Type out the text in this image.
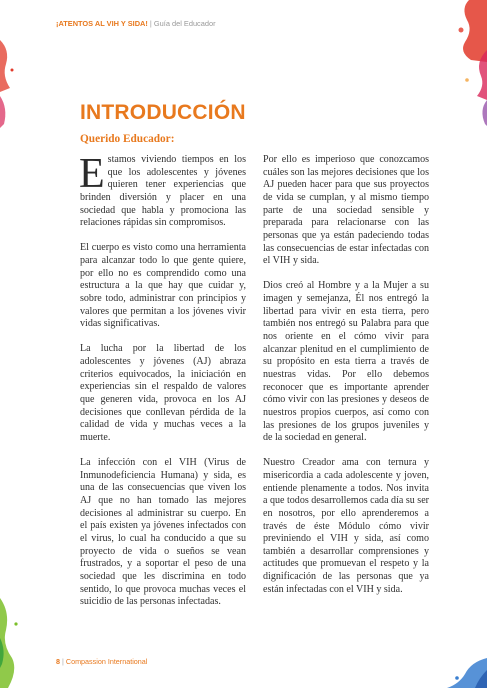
¡ATENTOS AL VIH Y SIDA! | Guía del Educador
INTRODUCCIÓN
Querido Educador:

Estamos viviendo tiempos en los que los adolescentes y jóvenes quieren tener experiencias que brinden diversión y placer en una sociedad que habla y promociona las relaciones rápidas sin compromisos.

El cuerpo es visto como una herramienta para alcanzar todo lo que gente quiere, por ello no es comprendido como una estructura a la que hay que cuidar y, sobre todo, administrar con principios y valores que permitan a los jóvenes vivir vidas significativas.

La lucha por la libertad de los adolescentes y jóvenes (AJ) abraza criterios equivocados, la iniciación en experiencias sin el respaldo de valores que generen vida, provoca en los AJ decisiones que conllevan pérdida de la calidad de vida y muchas veces a la muerte.

La infección con el VIH (Virus de Inmunodeficiencia Humana) y sida, es una de las consecuencias que viven los AJ que no han tomado las mejores decisiones al administrar su cuerpo. En el país existen ya jóvenes infectados con el virus, lo cual ha conducido a que su proyecto de vida o sueños se vean frustrados, y a soportar el peso de una sociedad que les discrimina en todo sentido, lo que provoca muchas veces el suicidio de las personas infectadas.

Por ello es imperioso que conozcamos cuáles son las mejores decisiones que los AJ pueden hacer para que sus proyectos de vida se cumplan, y al mismo tiempo parte de una sociedad sensible y preparada para relacionarse con las personas que ya están padeciendo todas las consecuencias de estar infectadas con el VIH y sida.

Dios creó al Hombre y a la Mujer a su imagen y semejanza, Él nos entregó la libertad para vivir en esta tierra, pero también nos entregó su Palabra para que nos oriente en el cómo vivir para alcanzar plenitud en el cumplimiento de su propósito en esta tierra a través de nuestras vidas. Por ello debemos reconocer que es importante aprender cómo vivir con las presiones y deseos de nuestros propios cuerpos, así como con las presiones de los grupos juveniles y de la sociedad en general.

Nuestro Creador ama con ternura y misericordia a cada adolescente y joven, entiende plenamente a todos. Nos invita a que todos desarrollemos cada día su ser en nosotros, por ello aprenderemos a través de éste Módulo cómo vivir previniendo el VIH y sida, así como también a desarrollar comprensiones y actitudes que promuevan el respeto y la dignificación de las personas que ya están infectadas con el VIH y sida.

8 | Compassion International
